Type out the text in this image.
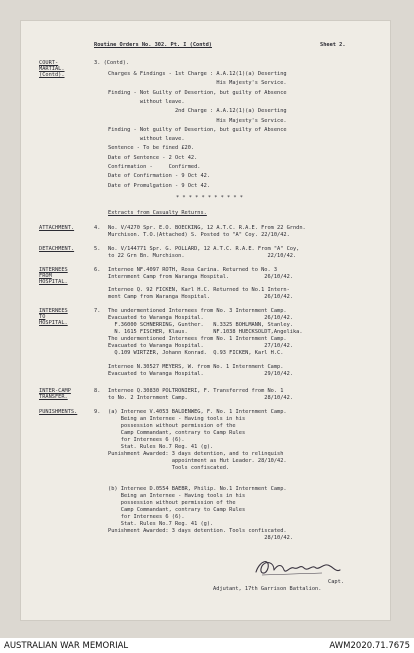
Routine Orders No. 302. Pt. I (Contd)	Sheet 2.
COURT-
MARTIAL.
(Contd).
3. (Contd).
Charges & Findings - 1st Charge : A.A.12(1)(a) Deserting
His Majesty's Service.
Finding - Not Guilty of Desertion, but guilty of Absence
without leave.
2nd Charge : A.A.12(1)(a) Deserting
His Majesty's Service.
Finding - Not guilty of Desertion, but guilty of Absence
without leave.
Sentence - To be fined £20.
Date of Sentence - 2 Oct 42.
Confirmation -     Confirmed.
Date of Confirmation - 9 Oct 42.
Date of Promulgation - 9 Oct 42.
* * * * * * * * * * *
Extracts from Casualty Returns.
ATTACHMENT.	4. No. V/4270 Spr. E.O. BOECKING, 12 A.T.C. R.A.E. From 22 Grndn.
Murchison. T.O.(Attached) S. Posted to "A" Coy. 22/10/42.
DETACHMENT.	5. No. V/144771 Spr. G. POLLARD, 12 A.T.C. R.A.E. From "A" Coy,
to 22 Grn Bn. Murchison.                          22/10/42.
INTERNEES
FROM
HOSPITAL.
6. Internee NF.4097 ROTH, Rosa Carina. Returned to No. 3
Internment Camp from Waranga Hospital.           26/10/42.
Internee Q. 92 FICKEN, Karl H.C. Returned to No.1 Intern-
ment Camp from Waranga Hospital.                 26/10/42.
INTERNEES
TO
HOSPITAL.
7. The undermentioned Internees from No. 3 Internment Camp.
Evacuated to Waranga Hospital.                   26/10/42.
F.36000 SCHNERRING, Gunther.   N.3325 BOHLMANN, Stanley.
N. 1615 FISCHER, Klaus.        NF.1038 HUECKSOLDT,Angelika.
The undermentioned Internees from No. 1 Internment Camp.
Evacuated to Waranga Hospital.                   27/10/42.
Q.109 WIRTZER, Johann Konrad.  Q.93 FICKEN, Karl H.C.
Internee N.30527 MEYERS, W. from No. 1 Internment Camp.
Evacuated to Waranga Hospital.                   29/10/42.
INTER-CAMP
TRANSFER.
8. Internee Q.30830 POLTRONIERI, F. Transferred from No. 1
to No. 2 Internment Camp.                        28/10/42.
PUNISHMENTS.	9. (a) Internee V.4053 BALDENWEG, F. No. 1 Internment Camp.
Being an Internee - Having tools in his
possession without permission of the
Camp Commandant, contrary to Camp Rules
for Internees 6 (6).
Stat. Rules No.7 Reg. 41 (g).
Punishment Awarded: 3 days detention, and to relinquish
appointment as Hut Leader. 28/10/42.
Tools confiscated.
(b) Internee D.0554 BAEBR, Philip. No.1 Internment Camp.
Being an Internee - Having tools in his
possession without permission of the
Camp Commandant, contrary to Camp Rules
for Internees 6 (6).
Stat. Rules No.7 Reg. 41 (g).
Punishment Awarded: 3 days detention. Tools confiscated.
28/10/42.
Capt.
Adjutant, 17th Garrison Battalion.
AUSTRALIAN WAR MEMORIAL	AWM2020.71.7675
